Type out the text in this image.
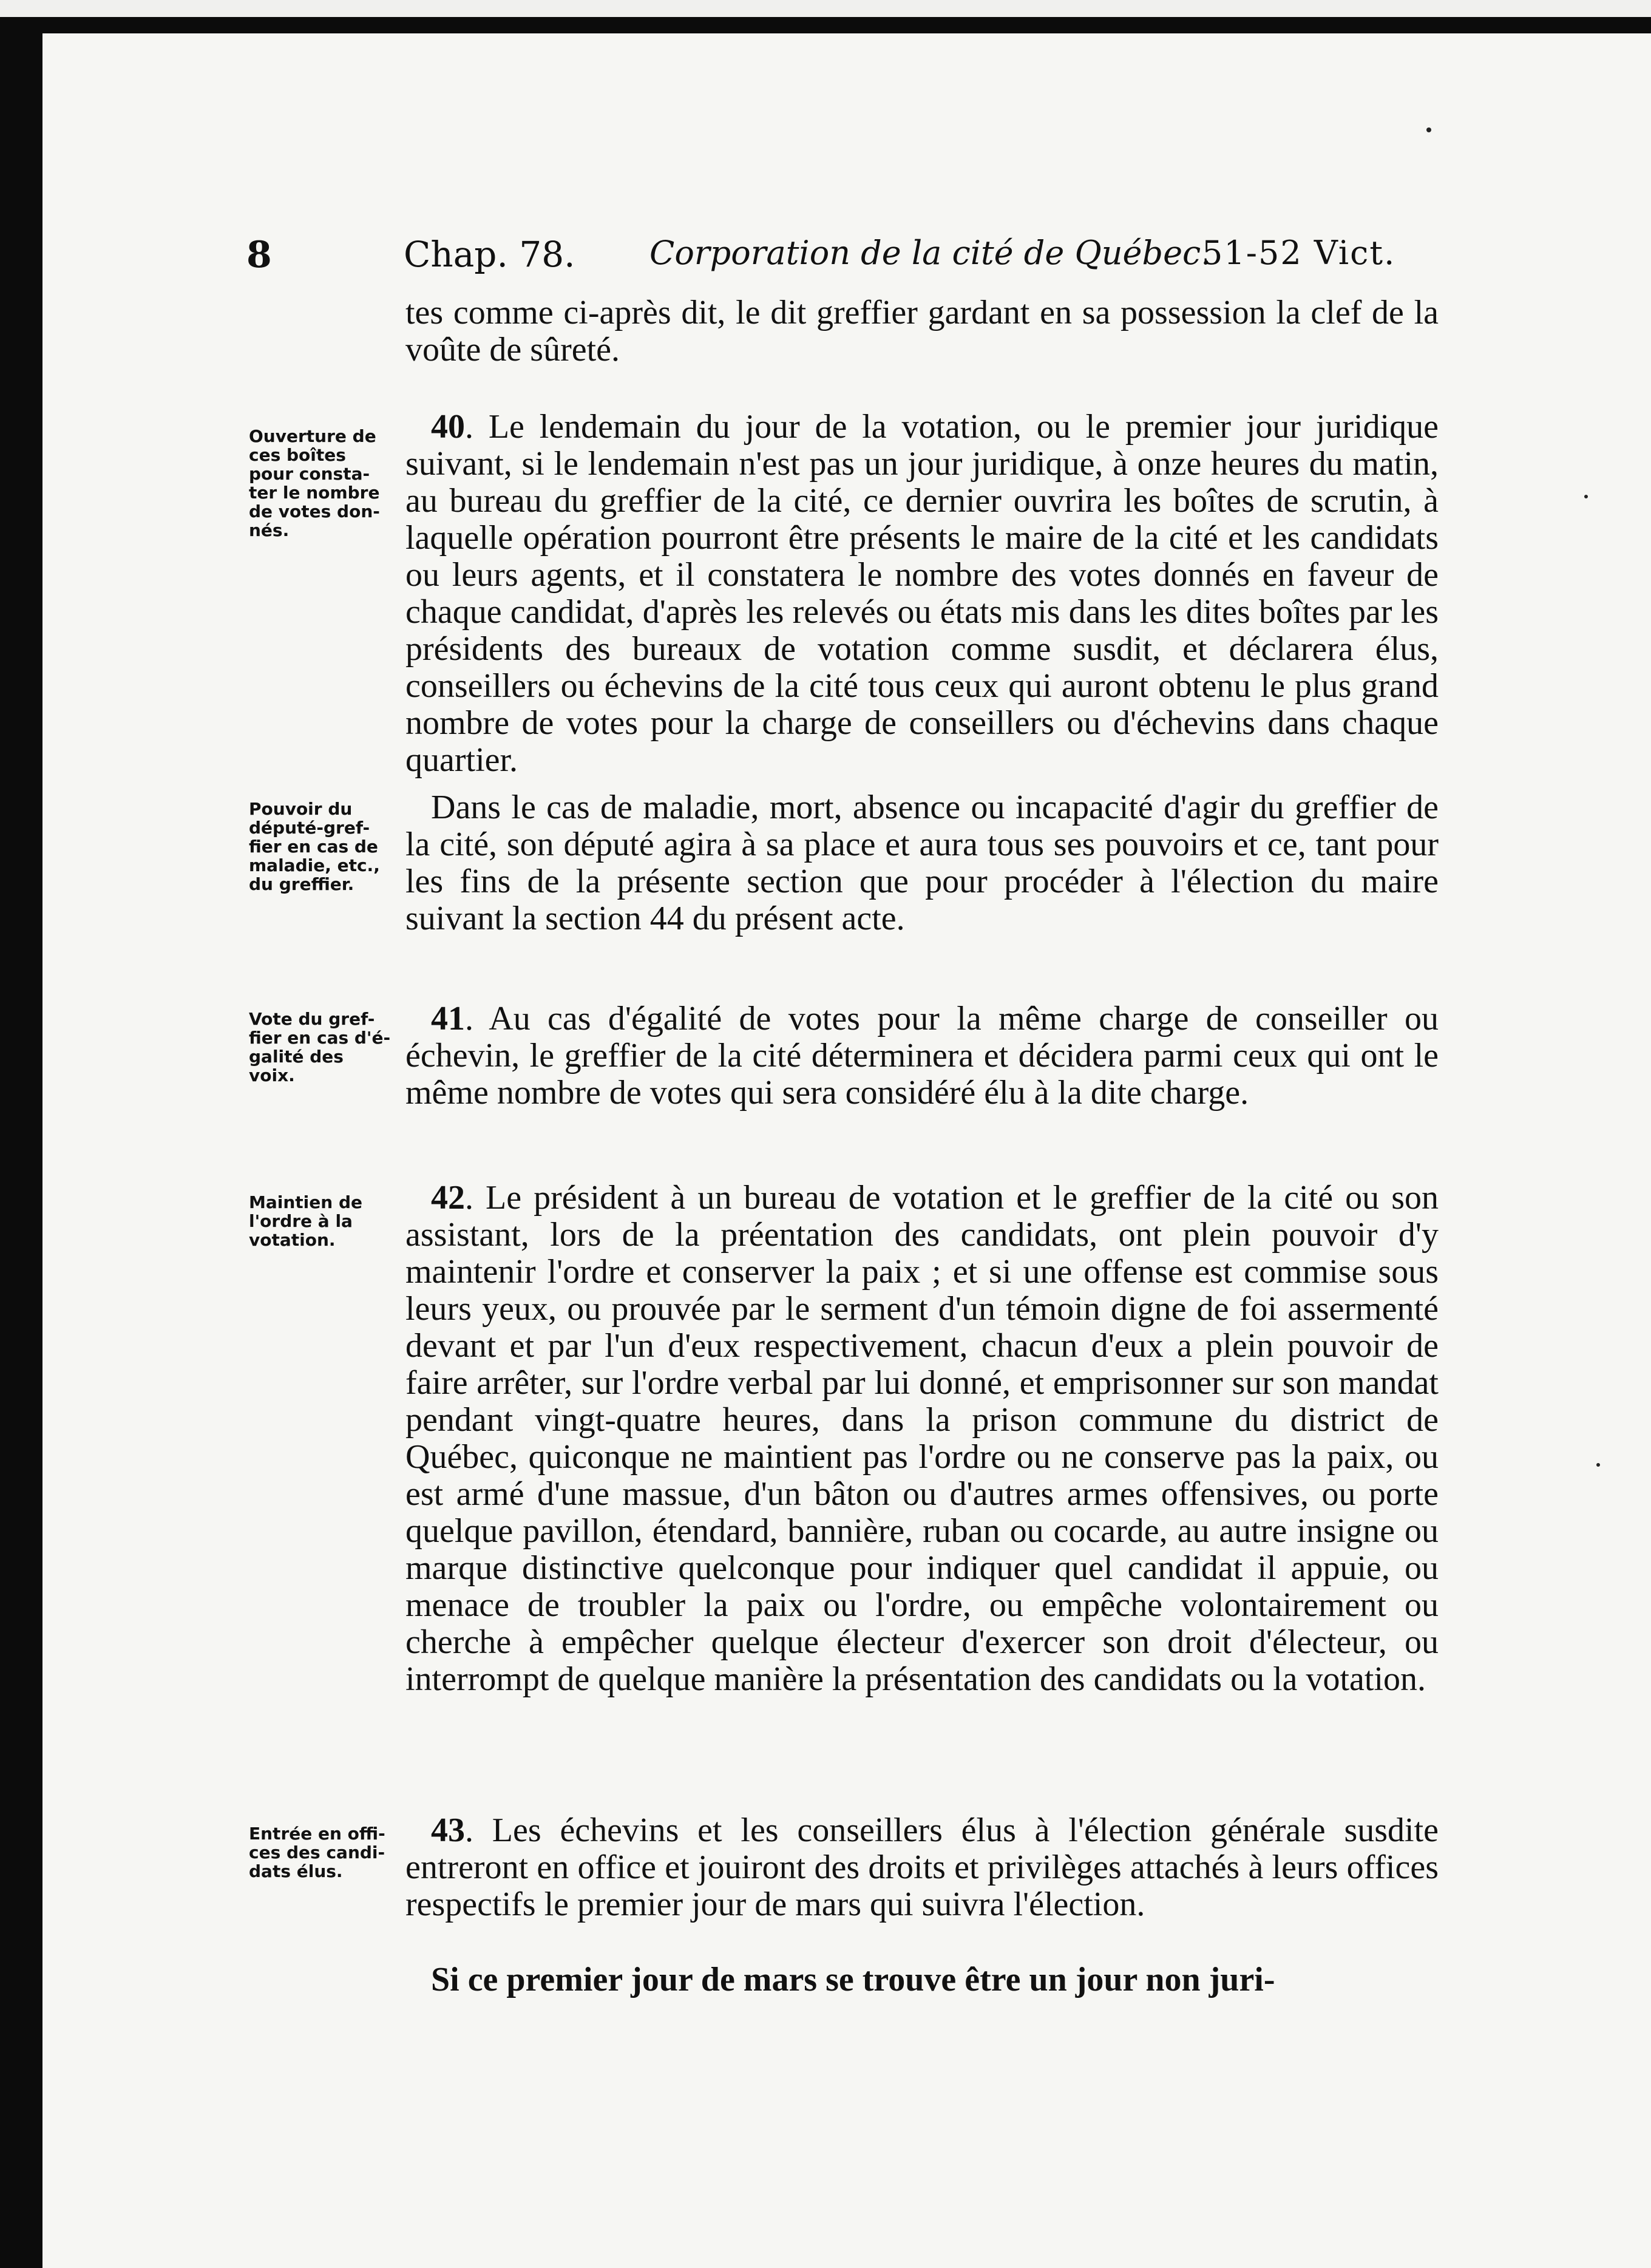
8	Chap. 78. Corporation de la cité de Québec.
51-52 Vict.

tes comme ci-après dit, le dit greffier gardant en sa possession la clef de la voûte de sûreté.

Ouverture de
ces boîtes
pour consta-
ter le nombre
de votes don-
nés.

40. Le lendemain du jour de la votation, ou le premier jour juridique suivant, si le lendemain n'est pas un jour juridique, à onze heures du matin, au bureau du greffier de la cité, ce dernier ouvrira les boîtes de scrutin, à laquelle opération pourront être présents le maire de la cité et les candidats ou leurs agents, et il constatera le nombre des votes donnés en faveur de chaque candidat, d'après les relevés ou états mis dans les dites boîtes par les présidents des bureaux de votation comme susdit, et déclarera élus, conseillers ou échevins de la cité tous ceux qui auront obtenu le plus grand nombre de votes pour la charge de conseillers ou d'échevins dans chaque quartier.

Pouvoir du
député-gref-
fier en cas de
maladie, etc.,
du greffier.

Dans le cas de maladie, mort, absence ou incapacité d'agir du greffier de la cité, son député agira à sa place et aura tous ses pouvoirs et ce, tant pour les fins de la présente section que pour procéder à l'élection du maire suivant la section 44 du présent acte.

Vote du gref-
fier en cas d'é-
galité des
voix.

41. Au cas d'égalité de votes pour la même charge de conseiller ou échevin, le greffier de la cité déterminera et décidera parmi ceux qui ont le même nombre de votes qui sera considéré élu à la dite charge.

Maintien de
l'ordre à la
votation.

42. Le président à un bureau de votation et le greffier de la cité ou son assistant, lors de la préentation des candidats, ont plein pouvoir d'y maintenir l'ordre et conserver la paix ; et si une offense est commise sous leurs yeux, ou prouvée par le serment d'un témoin digne de foi assermenté devant et par l'un d'eux respectivement, chacun d'eux a plein pouvoir de faire arrêter, sur l'ordre verbal par lui donné, et emprisonner sur son mandat pendant vingt-quatre heures, dans la prison commune du district de Québec, quiconque ne maintient pas l'ordre ou ne conserve pas la paix, ou est armé d'une massue, d'un bâton ou d'autres armes offensives, ou porte quelque pavillon, étendard, bannière, ruban ou cocarde, au autre insigne ou marque distinctive quelconque pour indiquer quel candidat il appuie, ou menace de troubler la paix ou l'ordre, ou empêche volontairement ou cherche à empêcher quelque électeur d'exercer son droit d'électeur, ou interrompt de quelque manière la présentation des candidats ou la votation.

Entrée en offi-
ces des candi-
dats élus.

43. Les échevins et les conseillers élus à l'élection générale susdite entreront en office et jouiront des droits et privilèges attachés à leurs offices respectifs le premier jour de mars qui suivra l'élection.

Si ce premier jour de mars se trouve être un jour non juri-
